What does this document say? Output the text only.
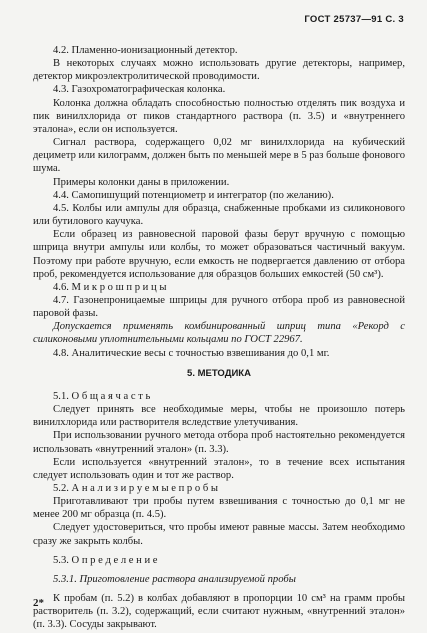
ГОСТ 25737—91 С. 3

4.2. Пламенно-ионизационный детектор.

В некоторых случаях можно использовать другие детекторы, например, детектор микроэлектролитической проводимости.

4.3. Газохроматографическая колонка.

Колонка должна обладать способностью полностью отделять пик воздуха и пик винилхлорида от пиков стандартного раствора (п. 3.5) и «внутреннего эталона», если он используется.

Сигнал раствора, содержащего 0,02 мг винилхлорида на кубический дециметр или килограмм, должен быть по меньшей мере в 5 раз больше фонового шума.

Примеры колонки даны в приложении.

4.4. Самопишущий потенциометр и интегратор (по желанию).

4.5. Колбы или ампулы для образца, снабженные пробками из силиконового или бутилового каучука.

Если образец из равновесной паровой фазы берут вручную с помощью шприца внутри ампулы или колбы, то может образоваться частичный вакуум. Поэтому при работе вручную, если емкость не подвергается давлению от отбора проб, рекомендуется использование для образцов больших емкостей (50 см³).

4.6. М и к р о ш п р и ц ы

4.7. Газонепроницаемые шприцы для ручного отбора проб из равновесной паровой фазы.

Допускается применять комбинированный шприц типа «Рекорд с силиконовыми уплотнительными кольцами по ГОСТ 22967.

4.8. Аналитические весы с точностью взвешивания до 0,1 мг.

5. МЕТОДИКА

5.1. О б щ а я ч а с т ь

Следует принять все необходимые меры, чтобы не произошло потерь винилхлорида или растворителя вследствие улетучивания.

При использовании ручного метода отбора проб настоятельно рекомендуется использовать «внутренний эталон» (п. 3.3).

Если используется «внутренний эталон», то в течение всех испытания следует использовать один и тот же раствор.

5.2. А н а л и з и р у е м ы е п р о б ы

Приготавливают три пробы путем взвешивания с точностью до 0,1 мг не менее 200 мг образца (п. 4.5).

Следует удостовериться, что пробы имеют равные массы. Затем необходимо сразу же закрыть колбы.

5.3. О п р е д е л е н и е

5.3.1. Приготовление раствора анализируемой пробы

К пробам (п. 5.2) в колбах добавляют в пропорции 10 см³ на грамм пробы растворитель (п. 3.2), содержащий, если считают нужным, «внутренний эталон» (п. 3.3). Сосуды закрывают.

2*
